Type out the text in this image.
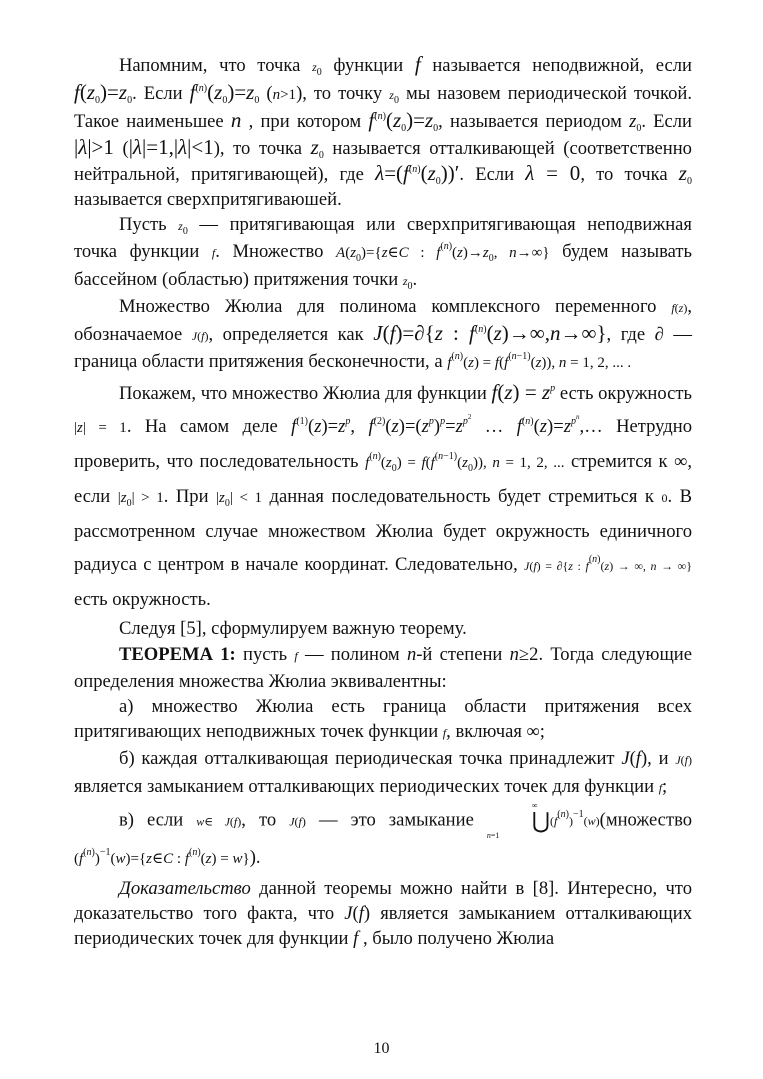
Напомним, что точка $z_0$ функции f называется неподвижной, если $f(z_0)=z_0$. Если $f^{(n)}(z_0)=z_0$ (n>1), то точку $z_0$ мы назовем периодической точкой. Такое наименьшее n , при котором $f^{(n)}(z_0)=z_0$, называется периодом $z_0$. Если |λ|>1 (|λ|=1,|λ|<1), то точка $z_0$ называется отталкивающей (соответственно нейтральной, притягивающей), где $\lambda=(f^{(n)}(z_0))'$. Если λ = 0, то точка $z_0$ называется сверхпритягиваюшей.

Пусть $z_0$ — притягивающая или сверхпритягивающая неподвижная точка функции f. Множество $A(z_0)=\{z\in C$ : $f^{(n)}(z)\to z_0$, n→∞} будем называть бассейном (областью) притяжения точки $z_0$.

Множество Жюлиа для полинома комплексного переменного f(z), обозначаемое J(f), определяется как J(f)=∂{z : $f^{(n)}(z)\to\infty,n\to\infty$}, где ∂ — граница области притяжения бесконечности, а $f^{(n)}(z) = f(f^{(n-1)}(z))$, n = 1, 2, ... .

Покажем, что множество Жюлиа для функции $f(z) = z^p$ есть окружность |z| = 1. На самом деле $f^{(1)}(z)=z^p$, $f^{(2)}(z)=(z^p)^p=z^{p^2}$ … $f^{(n)}(z)=z^{p^n},\dots$ Нетрудно проверить, что последовательность $f^{(n)}(z_0) = f(f^{(n-1)}(z_0))$, n = 1, 2, ... стремится к ∞, если $|z_0| > 1$. При $|z_0| < 1$ данная последовательность будет стремиться к 0. В рассмотренном случае множеством Жюлиа будет окружность единичного радиуса с центром в начале координат. Следовательно, J(f) = ∂{z : $f^{(n)}(z)$ → ∞, n → ∞} есть окружность.

Следуя [5], сформулируем важную теорему.

ТЕОРЕМА 1: пусть f — полином n-й степени n≥2. Тогда следующие определения множества Жюлиа эквивалентны:

а) множество Жюлиа есть граница области притяжения всех притягивающих неподвижных точек функции f, включая ∞;

б) каждая отталкивающая периодическая точка принадлежит J(f), и J(f) является замыканием отталкивающих периодических точек для функции f;

в) если w∈ J(f), то J(f) — это замыкание ∞
⋃
$n=1(f^{(n)})^{-1}(w)(множество$ $(f^{(n)})^{-1}(w)=\{z\in C$ : $f^{(n)}(z) = w$}).

Доказательство данной теоремы можно найти в [8]. Интересно, что доказательство того факта, что J(f) является замыканием отталкивающих периодических точек для функции f , было получено Жюлиа

10
